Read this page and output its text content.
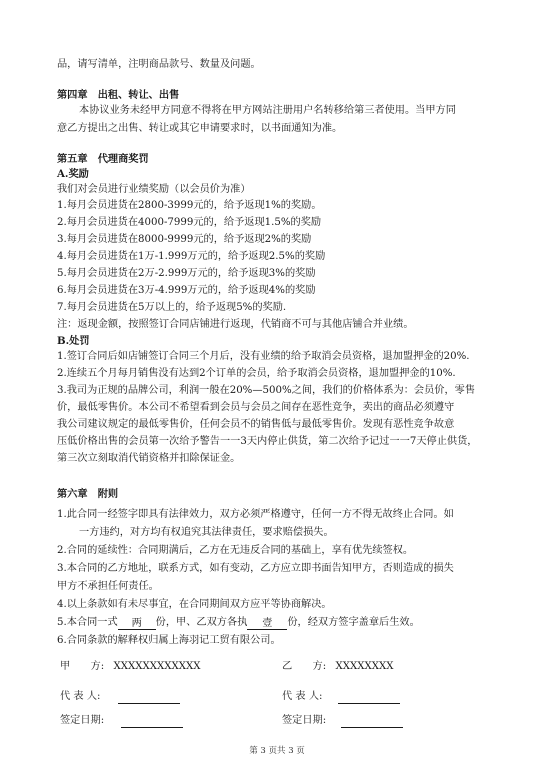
品，请写清单，注明商品款号、数量及问题。
第四章　出租、转让、出售
本协议业务未经甲方同意不得将在甲方网站注册用户名转移给第三者使用。当甲方同
意乙方提出之出售、转让或其它申请要求时，以书面通知为准。
第五章　代理商奖罚
A.奖励
我们对会员进行业绩奖励（以会员价为准）
1.每月会员进货在2800-3999元的，给予返现1%的奖励。
2.每月会员进货在4000-7999元的，给予返现1.5%的奖励
3.每月会员进货在8000-9999元的，给予返现2%的奖励
4.每月会员进货在1万-1.999万元的，给予返现2.5%的奖励
5.每月会员进货在2万-2.999万元的，给予返现3%的奖励
6.每月会员进货在3万-4.999万元的，给予返现4%的奖励
7.每月会员进货在5万以上的，给予返现5%的奖励.
注：返现金额，按照签订合同店铺进行返现，代销商不可与其他店铺合并业绩。
B.处罚
1.签订合同后如店铺签订合同三个月后，没有业绩的给予取消会员资格，退加盟押金的20%.
2.连续五个月每月销售没有达到2个订单的会员，给予取消会员资格，退加盟押金的10%.
3.我司为正规的品牌公司，利润一般在20%—500%之间，我们的价格体系为：会员价，零售
价，最低零售价。本公司不希望看到会员与会员之间存在恶性竞争，卖出的商品必须遵守
我公司建议规定的最低零售价，任何会员不的销售低与最低零售价。发现有恶性竞争故意
压低价格出售的会员第一次给予警告一一3天内停止供货，第二次给予记过一一7天停止供货，
第三次立刻取消代销资格并扣除保证金。
第六章　附则
1.此合同一经签字即具有法律效力，双方必须严格遵守，任何一方不得无故终止合同。如
一方违约，对方均有权追究其法律责任，要求赔偿损失。
2.合同的延续性：合同期满后，乙方在无违反合同的基础上，享有优先续签权。
3.本合同的乙方地址，联系方式，如有变动，乙方应立即书面告知甲方，否则造成的损失
甲方不承担任何责任。
4.以上条款如有未尽事宜，在合同期间双方应平等协商解决。
5.本合同一式 两 份，甲、乙双方各执 壹 份，经双方签字盖章后生效。
6.合同条款的解释权归属上海羽记工贸有限公司。
甲　　方: XXXXXXXXXXXX	乙　　方: XXXXXXXX
代 表 人:	代 表 人:
签定日期:	签定日期:
第 3 页共 3 页
